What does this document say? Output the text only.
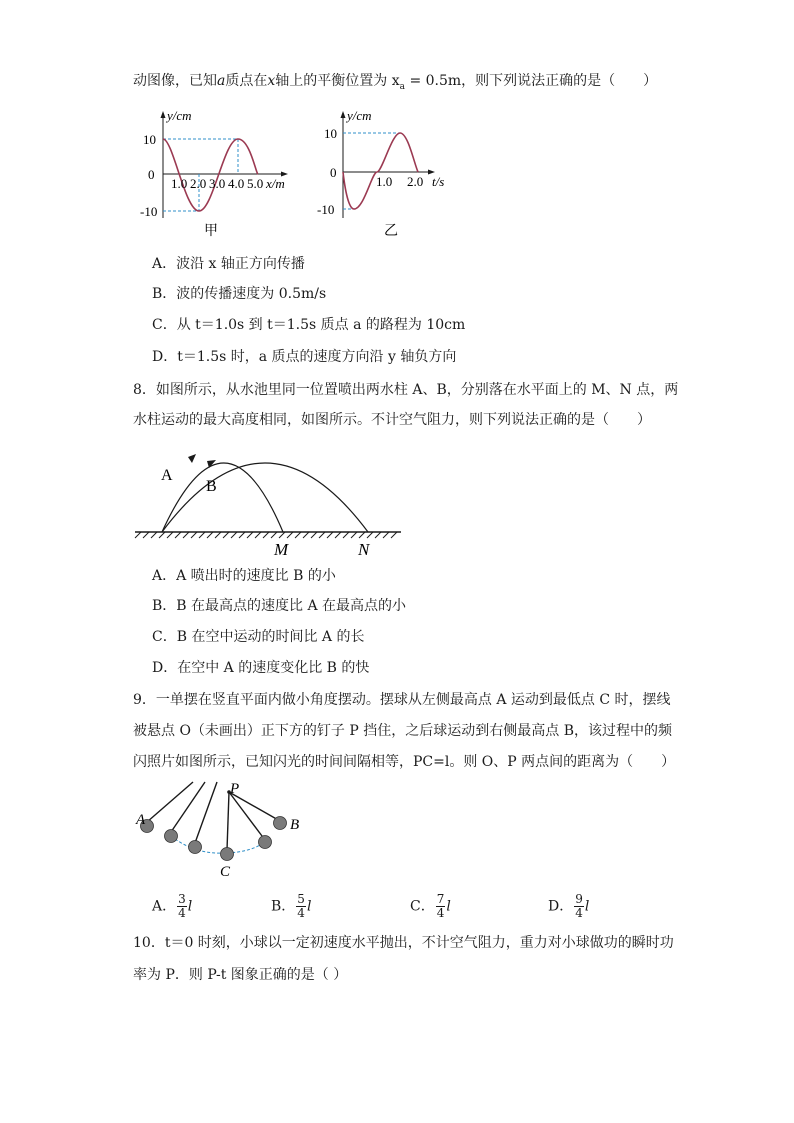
动图像，已知a质点在x轴上的平衡位置为 $x_a = 0.5m$，则下列说法正确的是（　　）
y/cm
10
0
-10
1.0 2.0 3.0 4.0 5.0 x/m
甲
y/cm
10
0
-10
1.0 2.0 t/s
乙
A．波沿 x 轴正方向传播
B．波的传播速度为 0.5m/s
C．从 t＝1.0s 到 t＝1.5s 质点 a 的路程为 10cm
D．t＝1.5s 时，a 质点的速度方向沿 y 轴负方向
8．如图所示，从水池里同一位置喷出两水柱 A、B，分别落在水平面上的 M、N 点，两
水柱运动的最大高度相同，如图所示。不计空气阻力，则下列说法正确的是（　　）
A
B
M	N
A．A 喷出时的速度比 B 的小
B．B 在最高点的速度比 A 在最高点的小
C．B 在空中运动的时间比 A 的长
D．在空中 A 的速度变化比 B 的快
9．一单摆在竖直平面内做小角度摆动。摆球从左侧最高点 A 运动到最低点 C 时，摆线
被悬点 O（未画出）正下方的钉子 P 挡住，之后球运动到右侧最高点 B，该过程中的频
闪照片如图所示，已知闪光的时间间隔相等，PC=l。则 O、P 两点间的距离为（　　）
P
A	B
C
A． $\frac{3}{4}$ l	B． $\frac{5}{4}$ l	C． $\frac{7}{4}$ l	D． $\frac{9}{4}$ l
10．t＝0 时刻，小球以一定初速度水平抛出，不计空气阻力，重力对小球做功的瞬时功
率为 P．则 P-t 图象正确的是（ ）
